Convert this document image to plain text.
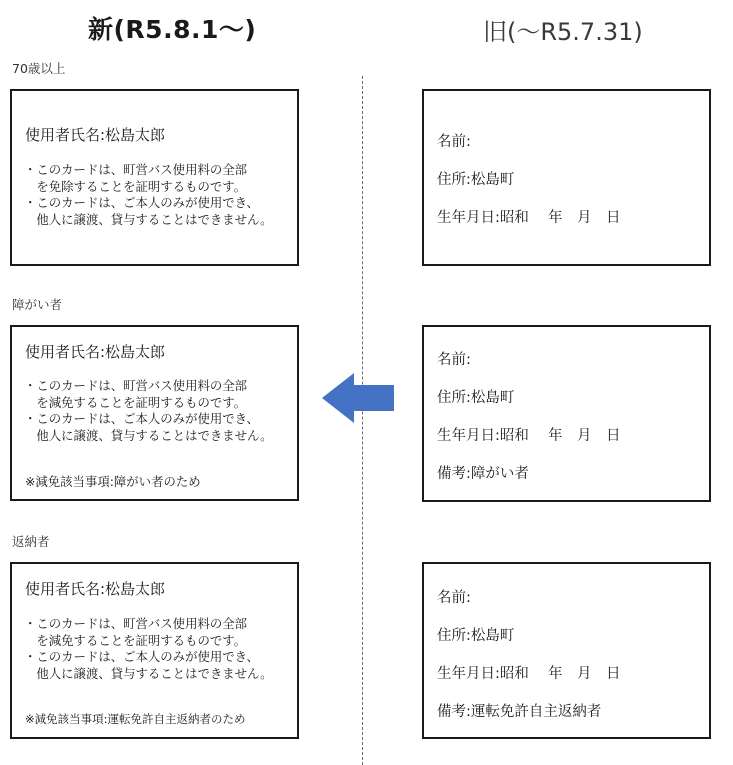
新(R5.8.1〜)	旧(〜R5.7.31)
70歳以上
使用者氏名:松島太郎
・このカードは、町営バス使用料の全部
　を免除することを証明するものです。
・このカードは、ご本人のみが使用でき、
　他人に譲渡、貸与することはできません。
名前:
住所:松島町
生年月日:昭和　 年　月　日
障がい者
使用者氏名:松島太郎
・このカードは、町営バス使用料の全部
　を減免することを証明するものです。
・このカードは、ご本人のみが使用でき、
　他人に譲渡、貸与することはできません。
※減免該当事項:障がい者のため
名前:
住所:松島町
生年月日:昭和　 年　月　日
備考:障がい者
返納者
使用者氏名:松島太郎
・このカードは、町営バス使用料の全部
　を減免することを証明するものです。
・このカードは、ご本人のみが使用でき、
　他人に譲渡、貸与することはできません。
※減免該当事項:運転免許自主返納者のため
名前:
住所:松島町
生年月日:昭和　 年　月　日
備考:運転免許自主返納者
